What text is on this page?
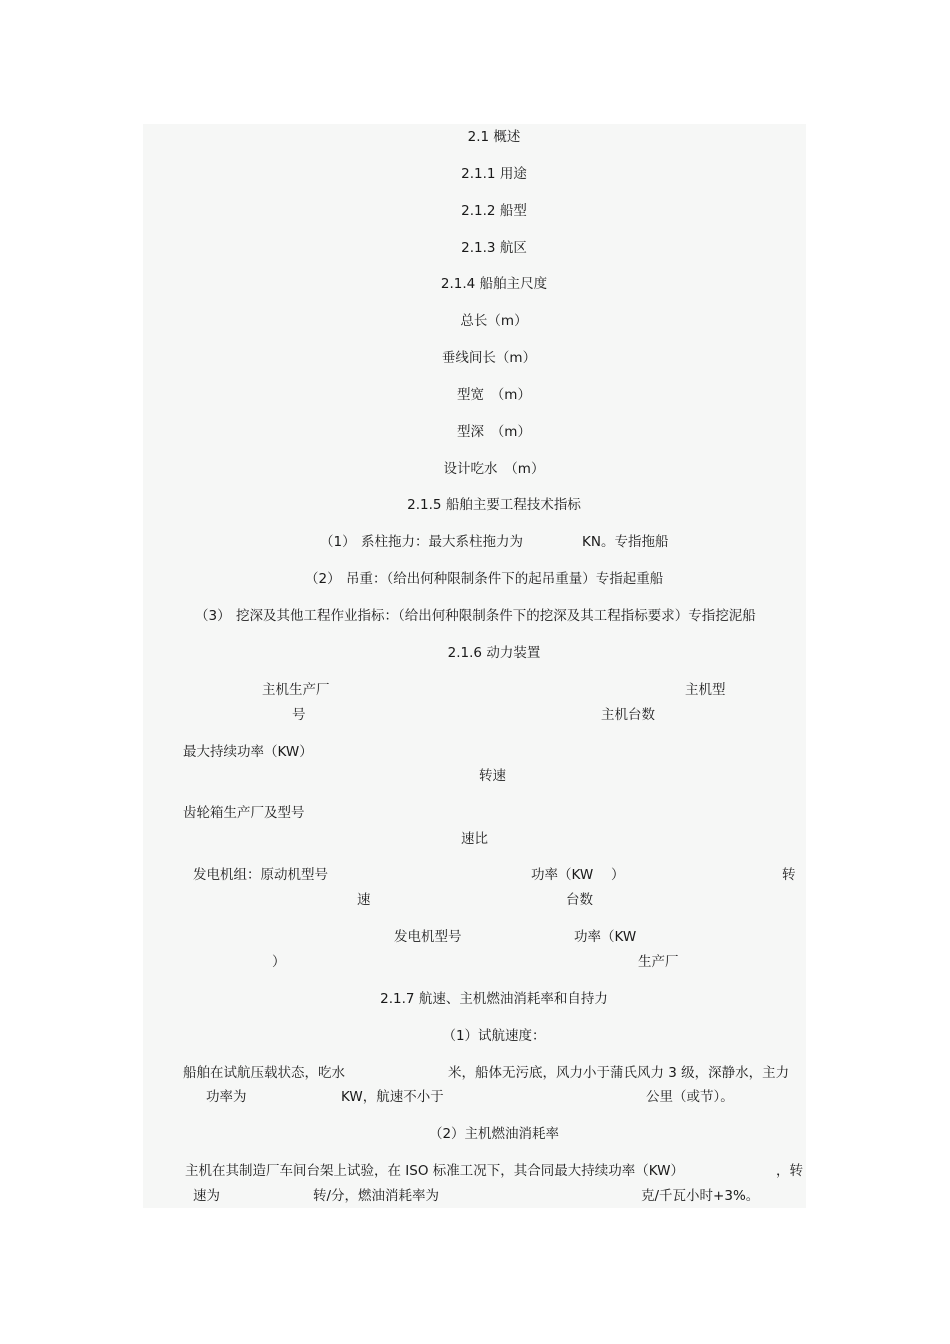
2.1 概述
2.1.1 用途
2.1.2 船型
2.1.3 航区
2.1.4 船舶主尺度
总长（m）
垂线间长（m）
型宽　（m）
型深　（m）
设计吃水　（m）
2.1.5 船舶主要工程技术指标
（1） 系柱拖力：最大系柱拖力为	KN。专指拖船
（2） 吊重：（给出何种限制条件下的起吊重量）专指起重船
（3） 挖深及其他工程作业指标：（给出何种限制条件下的挖深及其工程指标要求）专指挖泥船
2.1.6 动力装置
主机生产厂	主机型
号	主机台数
最大持续功率（KW）
转速
齿轮箱生产厂及型号
速比
发电机组：原动机型号	功率（KW　 ）	转
速	台数
发电机型号	功率（KW
）	生产厂
2.1.7 航速、主机燃油消耗率和自持力
（1）试航速度：
船舶在试航压载状态，吃水	米，船体无污底，风力小于蒲氏风力 3 级，深静水，主力
功率为	KW，航速不小于	公里（或节）。
（2）主机燃油消耗率
主机在其制造厂车间台架上试验，在 ISO 标准工况下，其合同最大持续功率（KW）	，转
速为	转/分，燃油消耗率为	克/千瓦小时+3%。
